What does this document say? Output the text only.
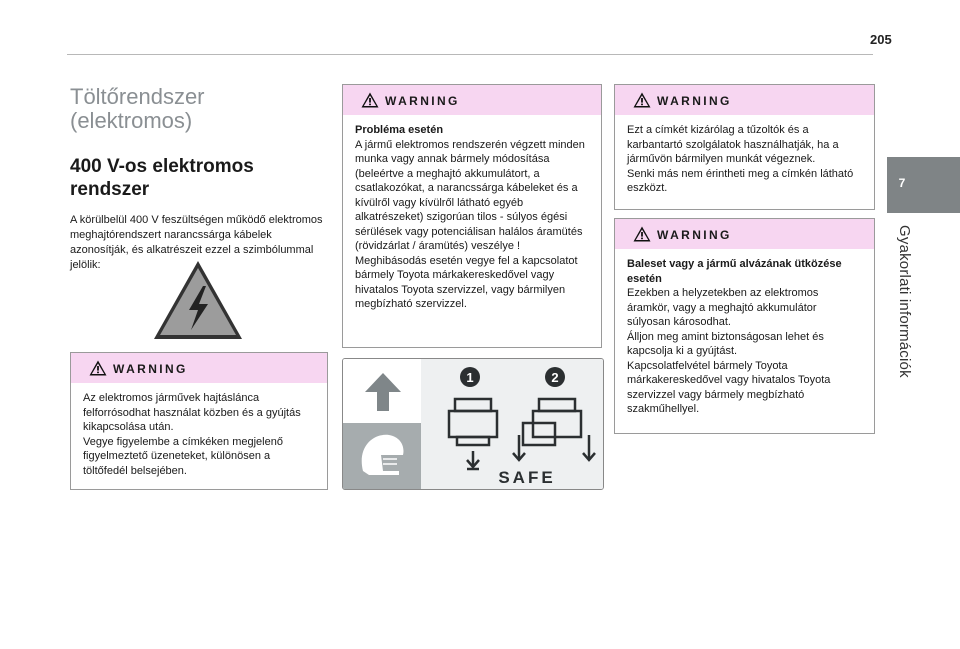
205
7
Gyakorlati információk
Töltőrendszer
(elektromos)
400 V-os elektromos
rendszer

A körülbelül 400 V feszültségen működő elektromos meghajtórendszert narancssárga kábelek azonosítják, és alkatrészeit ezzel a szimbólummal jelölik:

WARNING

Az elektromos járművek hajtáslánca felforrósodhat használat közben és a gyújtás kikapcsolása után.
Vegye figyelembe a címkéken megjelenő figyelmeztető üzeneteket, különösen a töltőfedél belsejében.

WARNING
Probléma esetén
A jármű elektromos rendszerén végzett minden munka vagy annak bármely módosítása (beleértve a meghajtó akkumulátort, a csatlakozókat, a narancssárga kábeleket és a kívülről vagy kívülről látható egyéb alkatrészeket) szigorúan tilos - súlyos égési sérülések vagy potenciálisan halálos áramütés (rövidzárlat / áramütés) veszélye !
Meghibásodás esetén vegye fel a kapcsolatot bármely Toyota márkakereskedővel vagy hivatalos Toyota szervizzel, vagy bármilyen megbízható szervizzel.
1	2
SAFE
WARNING

Ezt a címkét kizárólag a tűzoltók és a karbantartó szolgálatok használhatják, ha a járművön bármilyen munkát végeznek.
Senki más nem érintheti meg a címkén látható eszközt.

WARNING
Baleset vagy a jármű alvázának ütközése esetén
Ezekben a helyzetekben az elektromos áramkör, vagy a meghajtó akkumulátor súlyosan károsodhat.
Álljon meg amint biztonságosan lehet és kapcsolja ki a gyújtást.
Kapcsolatfelvétel bármely Toyota márkakereskedővel vagy hivatalos Toyota szervizzel vagy bármely megbízható szakműhellyel.
